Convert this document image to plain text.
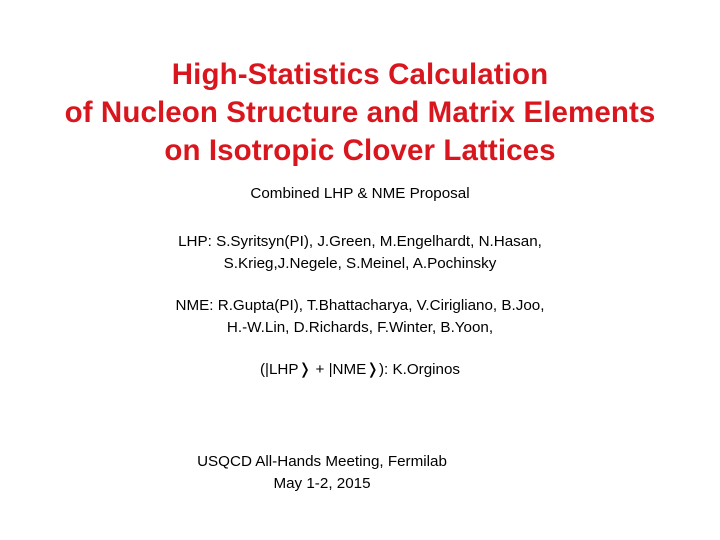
High-Statistics Calculation
of Nucleon Structure and Matrix Elements
on Isotropic Clover Lattices
Combined LHP & NME Proposal
LHP: S.Syritsyn(PI), J.Green, M.Engelhardt, N.Hasan,
S.Krieg,J.Negele, S.Meinel, A.Pochinsky
NME: R.Gupta(PI), T.Bhattacharya, V.Cirigliano, B.Joo,
H.-W.Lin, D.Richards, F.Winter, B.Yoon,
(|LHP❭ + |NME❭): K.Orginos
USQCD All-Hands Meeting, Fermilab
May 1-2, 2015
